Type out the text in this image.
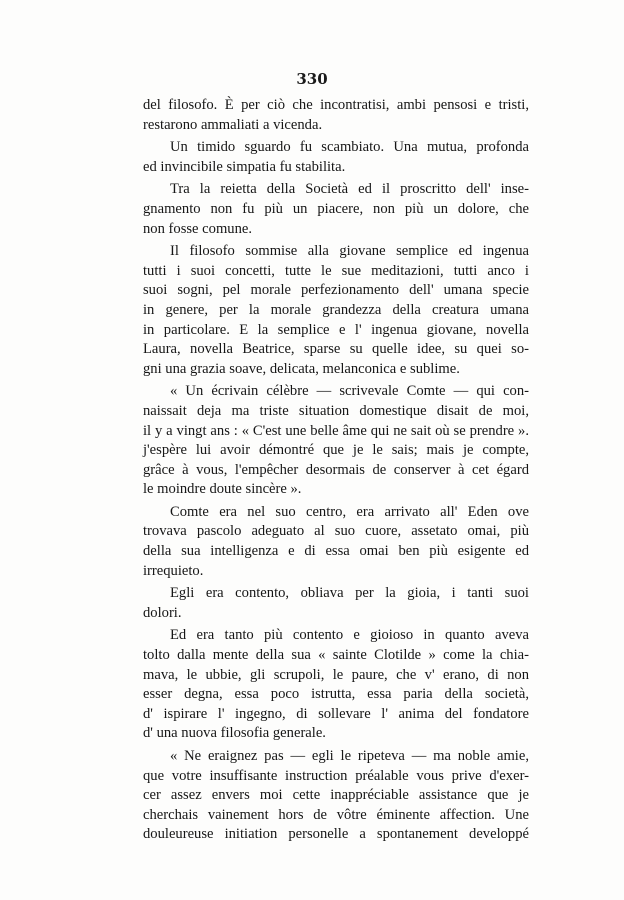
330
del filosofo. È per ciò che incontratisi, ambi pensosi e tristi,
restarono ammaliati a vicenda.
Un timido sguardo fu scambiato. Una mutua, profonda
ed invincibile simpatia fu stabilita.
Tra la reietta della Società ed il proscritto dell' inse-
gnamento non fu più un piacere, non più un dolore, che
non fosse comune.
Il filosofo sommise alla giovane semplice ed ingenua
tutti i suoi concetti, tutte le sue meditazioni, tutti anco i
suoi sogni, pel morale perfezionamento dell' umana specie
in genere, per la morale grandezza della creatura umana
in particolare. E la semplice e l' ingenua giovane, novella
Laura, novella Beatrice, sparse su quelle idee, su quei so-
gni una grazia soave, delicata, melanconica e sublime.
« Un écrivain célèbre — scrivevale Comte — qui con-
naissait deja ma triste situation domestique disait de moi,
il y a vingt ans : « C'est une belle âme qui ne sait où se prendre ».
j'espère lui avoir démontré que je le sais; mais je compte,
grâce à vous, l'empêcher desormais de conserver à cet égard
le moindre doute sincère ».
Comte era nel suo centro, era arrivato all' Eden ove
trovava pascolo adeguato al suo cuore, assetato omai, più
della sua intelligenza e di essa omai ben più esigente ed
irrequieto.
Egli era contento, obliava per la gioia, i tanti suoi
dolori.
Ed era tanto più contento e gioioso in quanto aveva
tolto dalla mente della sua « sainte Clotilde » come la chia-
mava, le ubbie, gli scrupoli, le paure, che v' erano, di non
esser degna, essa poco istrutta, essa paria della società,
d' ispirare l' ingegno, di sollevare l' anima del fondatore
d' una nuova filosofia generale.
« Ne eraignez pas — egli le ripeteva — ma noble amie,
que votre insuffisante instruction préalable vous prive d'exer-
cer assez envers moi cette inappréciable assistance que je
cherchais vainement hors de vôtre éminente affection. Une
douleureuse initiation personelle a spontanement developpé
